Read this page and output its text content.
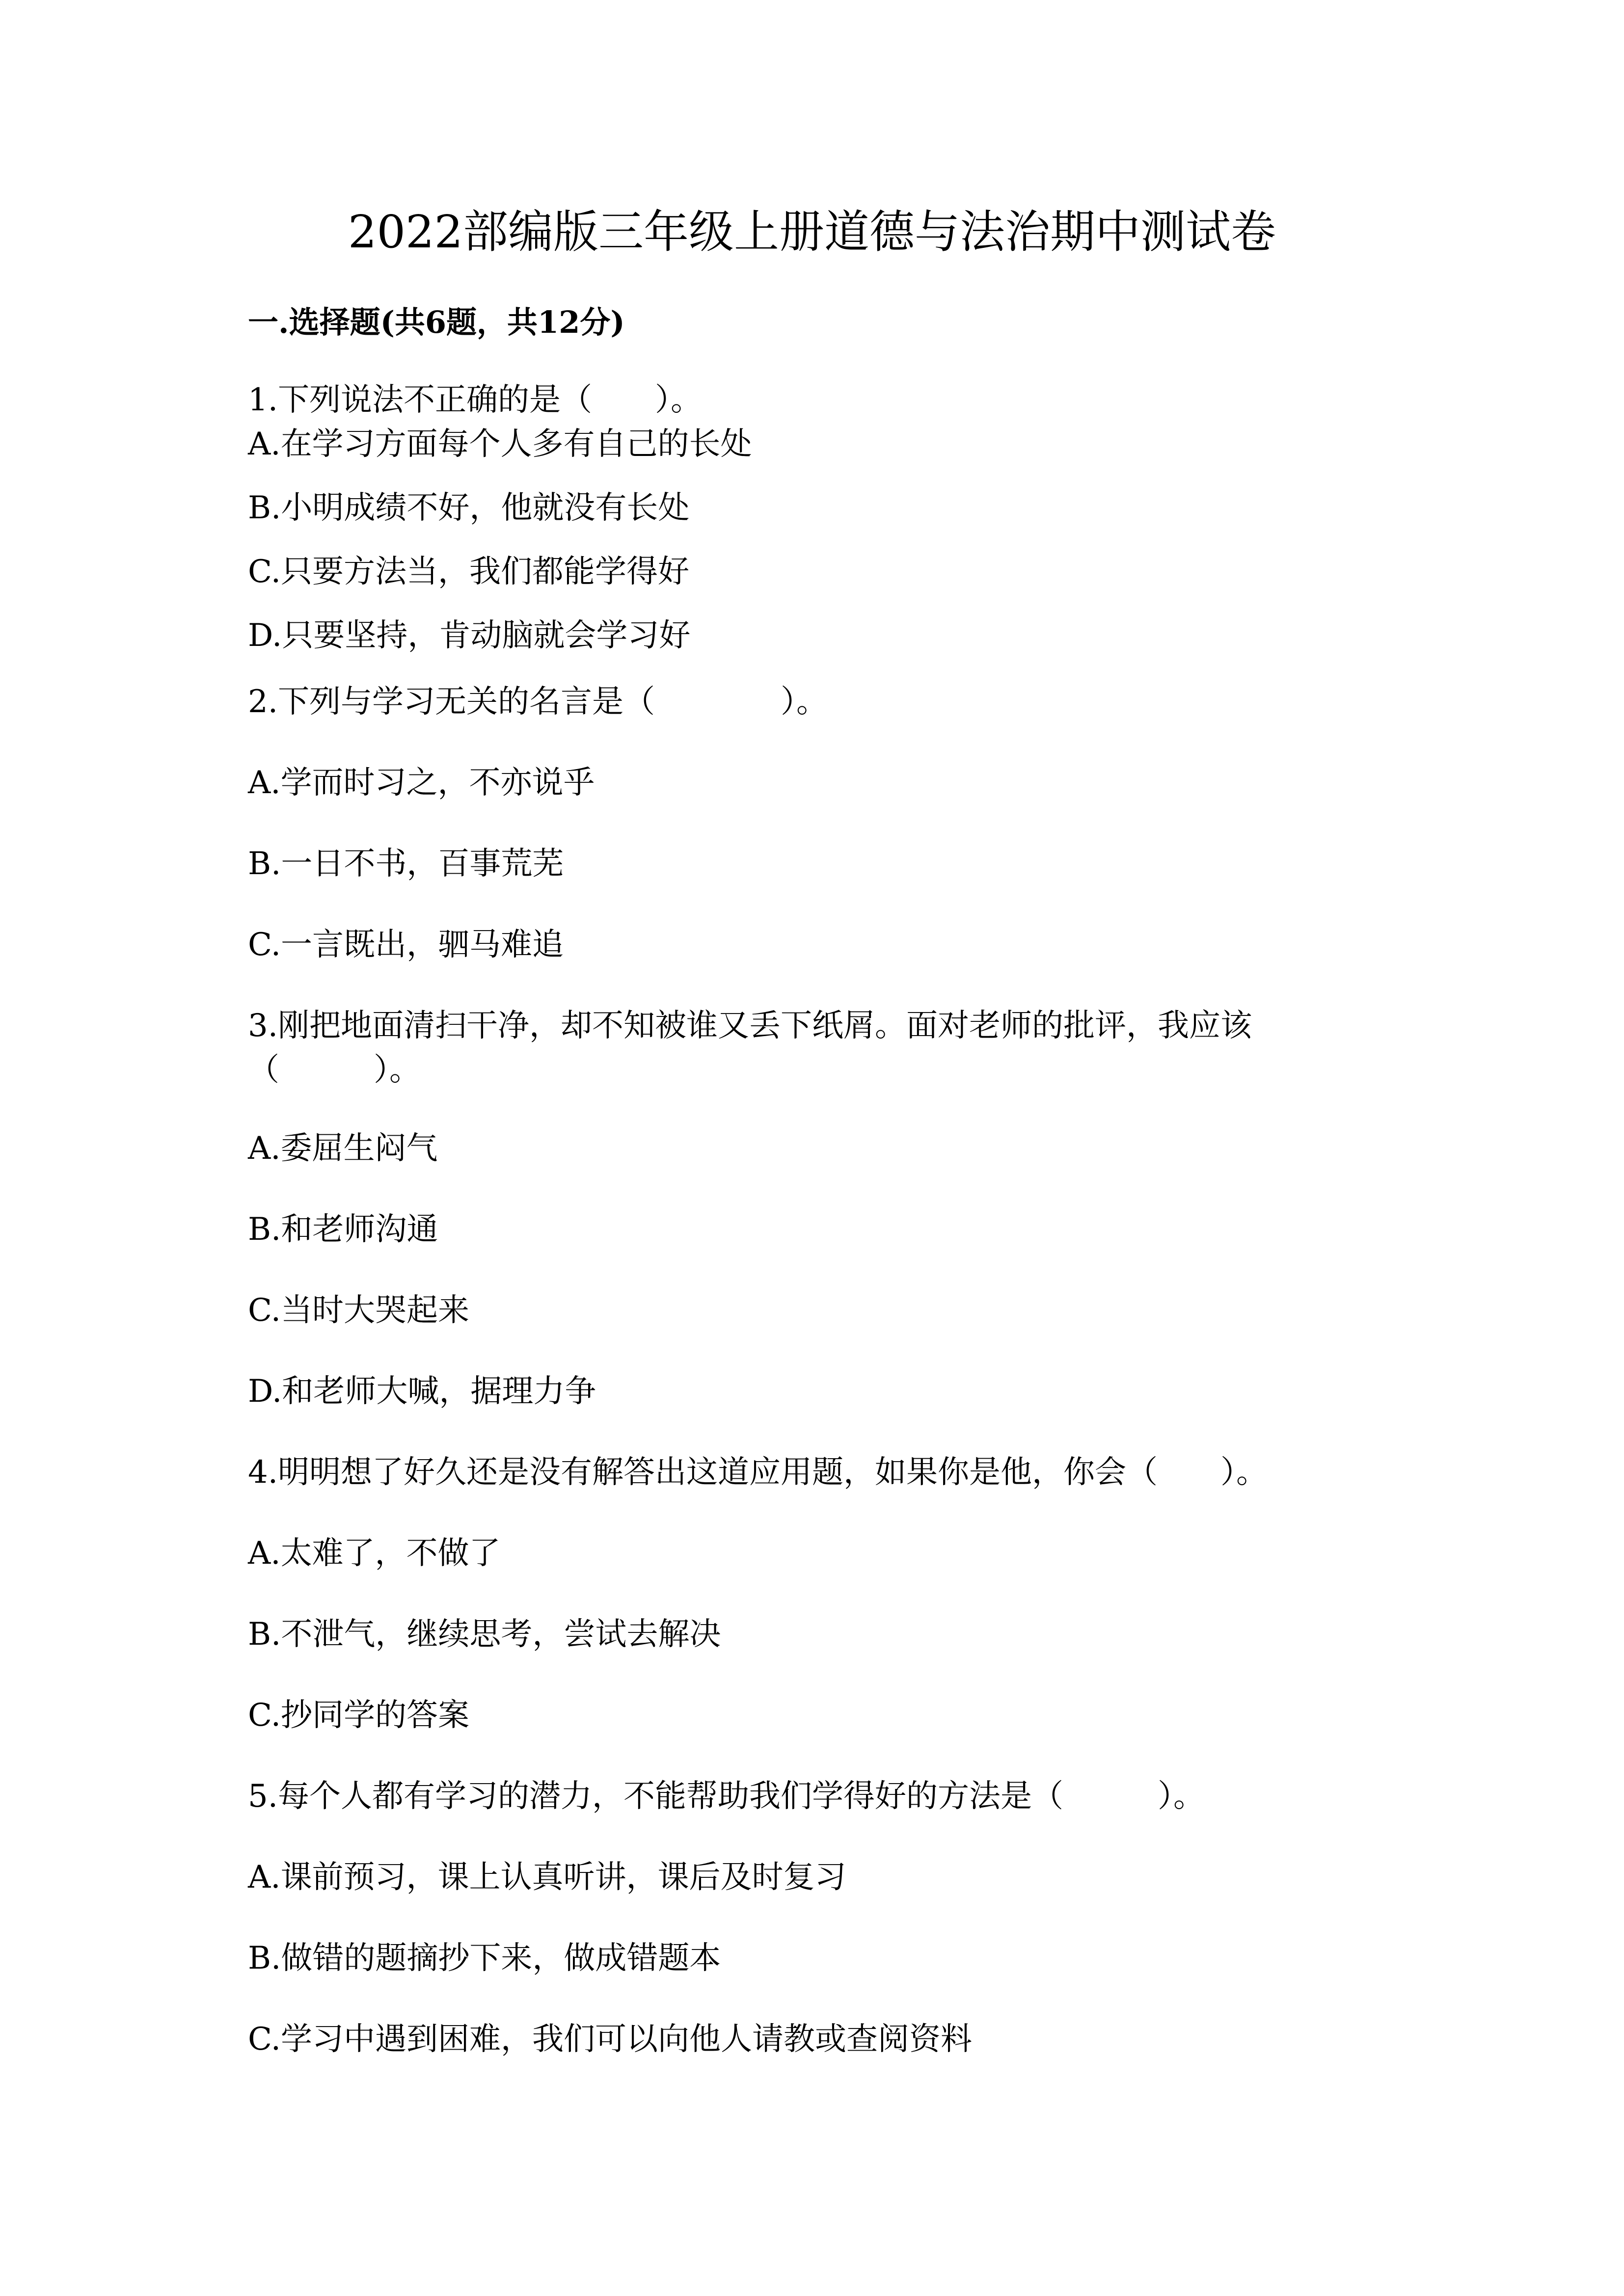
2022部编版三年级上册道德与法治期中测试卷
一.选择题(共6题，共12分)
1.下列说法不正确的是（　　）。
A.在学习方面每个人多有自己的长处
B.小明成绩不好，他就没有长处
C.只要方法当，我们都能学得好
D.只要坚持，肯动脑就会学习好
2.下列与学习无关的名言是（　　　　）。
A.学而时习之，不亦说乎
B.一日不书，百事荒芜
C.一言既出，驷马难追
3.刚把地面清扫干净，却不知被谁又丢下纸屑。面对老师的批评，我应该
（　　　）。
A.委屈生闷气
B.和老师沟通
C.当时大哭起来
D.和老师大喊，据理力争
4.明明想了好久还是没有解答出这道应用题，如果你是他，你会（　　）。
A.太难了，不做了
B.不泄气，继续思考，尝试去解决
C.抄同学的答案
5.每个人都有学习的潜力，不能帮助我们学得好的方法是（　　　）。
A.课前预习，课上认真听讲，课后及时复习
B.做错的题摘抄下来，做成错题本
C.学习中遇到困难，我们可以向他人请教或查阅资料
